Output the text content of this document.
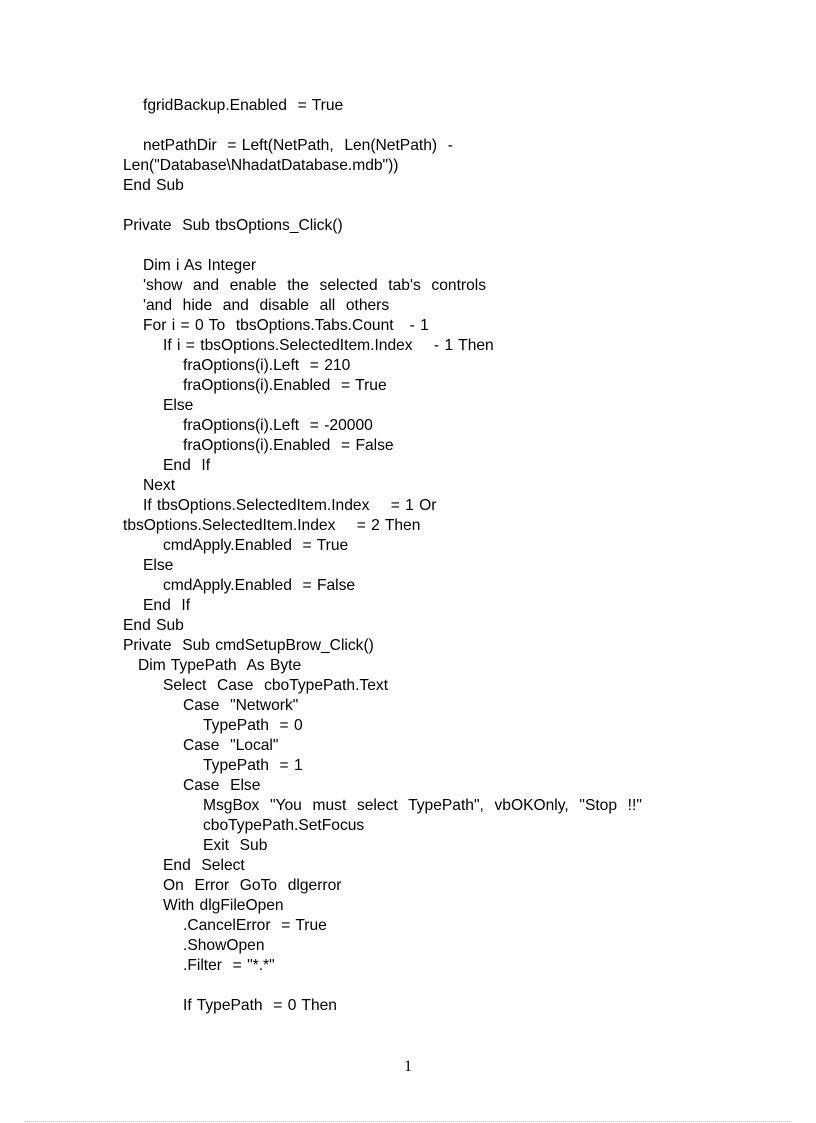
fgridBackup.Enabled  = True
netPathDir  = Left(NetPath,  Len(NetPath)  -
Len("Database\NhadatDatabase.mdb"))
End Sub
Private  Sub tbsOptions_Click()
Dim i As Integer
'show  and  enable  the  selected  tab's  controls
'and  hide  and  disable  all  others
For i = 0 To  tbsOptions.Tabs.Count   - 1
If i = tbsOptions.SelectedItem.Index    - 1 Then
fraOptions(i).Left  = 210
fraOptions(i).Enabled  = True
Else
fraOptions(i).Left  = -20000
fraOptions(i).Enabled  = False
End  If
Next
If tbsOptions.SelectedItem.Index    = 1 Or
tbsOptions.SelectedItem.Index    = 2 Then
cmdApply.Enabled  = True
Else
cmdApply.Enabled  = False
End  If
End Sub
Private  Sub cmdSetupBrow_Click()
Dim TypePath  As Byte
Select  Case  cboTypePath.Text
Case  "Network"
TypePath  = 0
Case  "Local"
TypePath  = 1
Case  Else
MsgBox  "You  must  select  TypePath",  vbOKOnly,  "Stop  !!"
cboTypePath.SetFocus
Exit  Sub
End  Select
On  Error  GoTo  dlgerror
With dlgFileOpen
.CancelError  = True
.ShowOpen
.Filter  = "*.*"
If TypePath  = 0 Then
1
